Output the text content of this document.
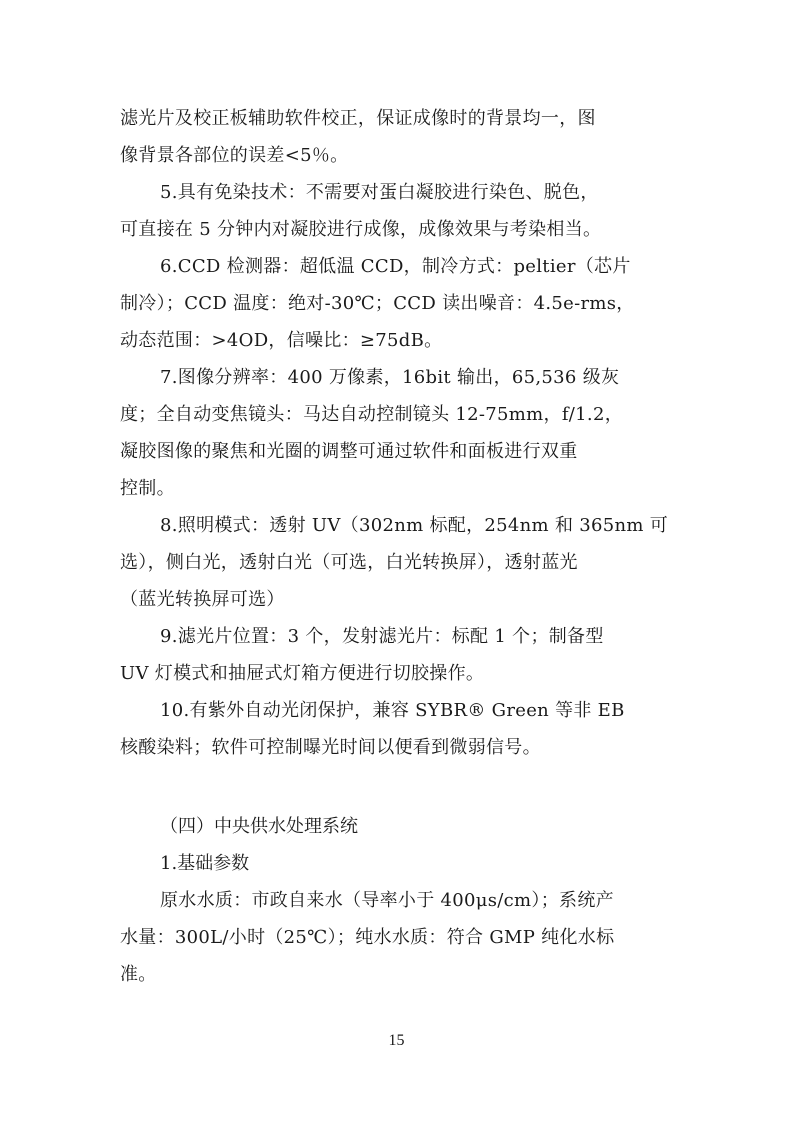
滤光片及校正板辅助软件校正，保证成像时的背景均一，图
像背景各部位的误差<5％。
5.具有免染技术：不需要对蛋白凝胶进行染色、脱色，
可直接在 5 分钟内对凝胶进行成像，成像效果与考染相当。
6.CCD 检测器：超低温 CCD，制冷方式：peltier（芯片
制冷）；CCD 温度：绝对-30℃；CCD 读出噪音：4.5e-rms，
动态范围：>4OD，信噪比：≥75dB。
7.图像分辨率：400 万像素，16bit 输出，65,536 级灰
度；全自动变焦镜头：马达自动控制镜头 12-75mm，f/1.2，
凝胶图像的聚焦和光圈的调整可通过软件和面板进行双重
控制。
8.照明模式：透射 UV（302nm 标配，254nm 和 365nm 可
选），侧白光，透射白光（可选，白光转换屏），透射蓝光
（蓝光转换屏可选）
9.滤光片位置：3 个，发射滤光片：标配 1 个；制备型
UV 灯模式和抽屉式灯箱方便进行切胶操作。
10.有紫外自动光闭保护，兼容 SYBR® Green 等非 EB
核酸染料；软件可控制曝光时间以便看到微弱信号。
（四）中央供水处理系统
1.基础参数
原水水质：市政自来水（导率小于 400μs/cm）；系统产
水量：300L/小时（25℃）；纯水水质：符合 GMP 纯化水标
准。
15
